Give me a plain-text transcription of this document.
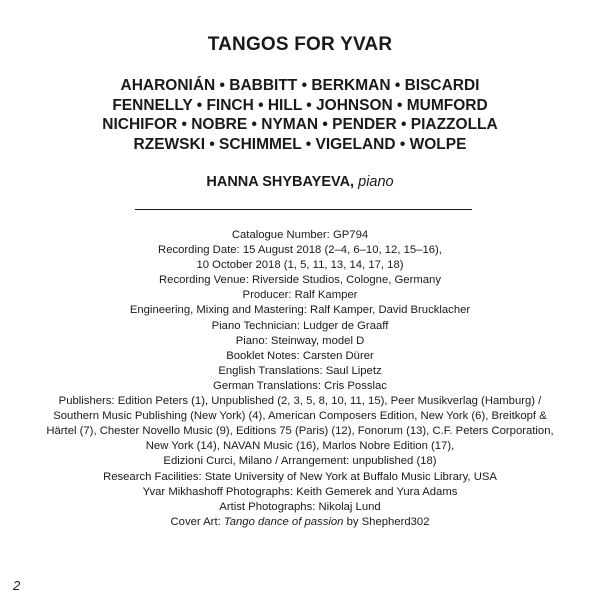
TANGOS FOR YVAR
AHARONIÁN • BABBITT • BERKMAN • BISCARDI
FENNELLY • FINCH • HILL • JOHNSON • MUMFORD
NICHIFOR • NOBRE • NYMAN • PENDER • PIAZZOLLA
RZEWSKI • SCHIMMEL • VIGELAND • WOLPE
HANNA SHYBAYEVA, piano
Catalogue Number: GP794
Recording Date: 15 August 2018 (2–4, 6–10, 12, 15–16),
10 October 2018 (1, 5, 11, 13, 14, 17, 18)
Recording Venue: Riverside Studios, Cologne, Germany
Producer: Ralf Kamper
Engineering, Mixing and Mastering: Ralf Kamper, David Brucklacher
Piano Technician: Ludger de Graaff
Piano: Steinway, model D
Booklet Notes: Carsten Dürer
English Translations: Saul Lipetz
German Translations: Cris Posslac
Publishers: Edition Peters (1), Unpublished (2, 3, 5, 8, 10, 11, 15), Peer Musikverlag (Hamburg) /
Southern Music Publishing (New York) (4), American Composers Edition, New York (6), Breitkopf &
Härtel (7), Chester Novello Music (9), Editions 75 (Paris) (12), Fonorum (13), C.F. Peters Corporation,
New York (14), NAVAN Music (16), Marlos Nobre Edition (17),
Edizioni Curci, Milano / Arrangement: unpublished (18)
Research Facilities: State University of New York at Buffalo Music Library, USA
Yvar Mikhashoff Photographs: Keith Gemerek and Yura Adams
Artist Photographs: Nikolaj Lund
Cover Art: Tango dance of passion by Shepherd302
2
